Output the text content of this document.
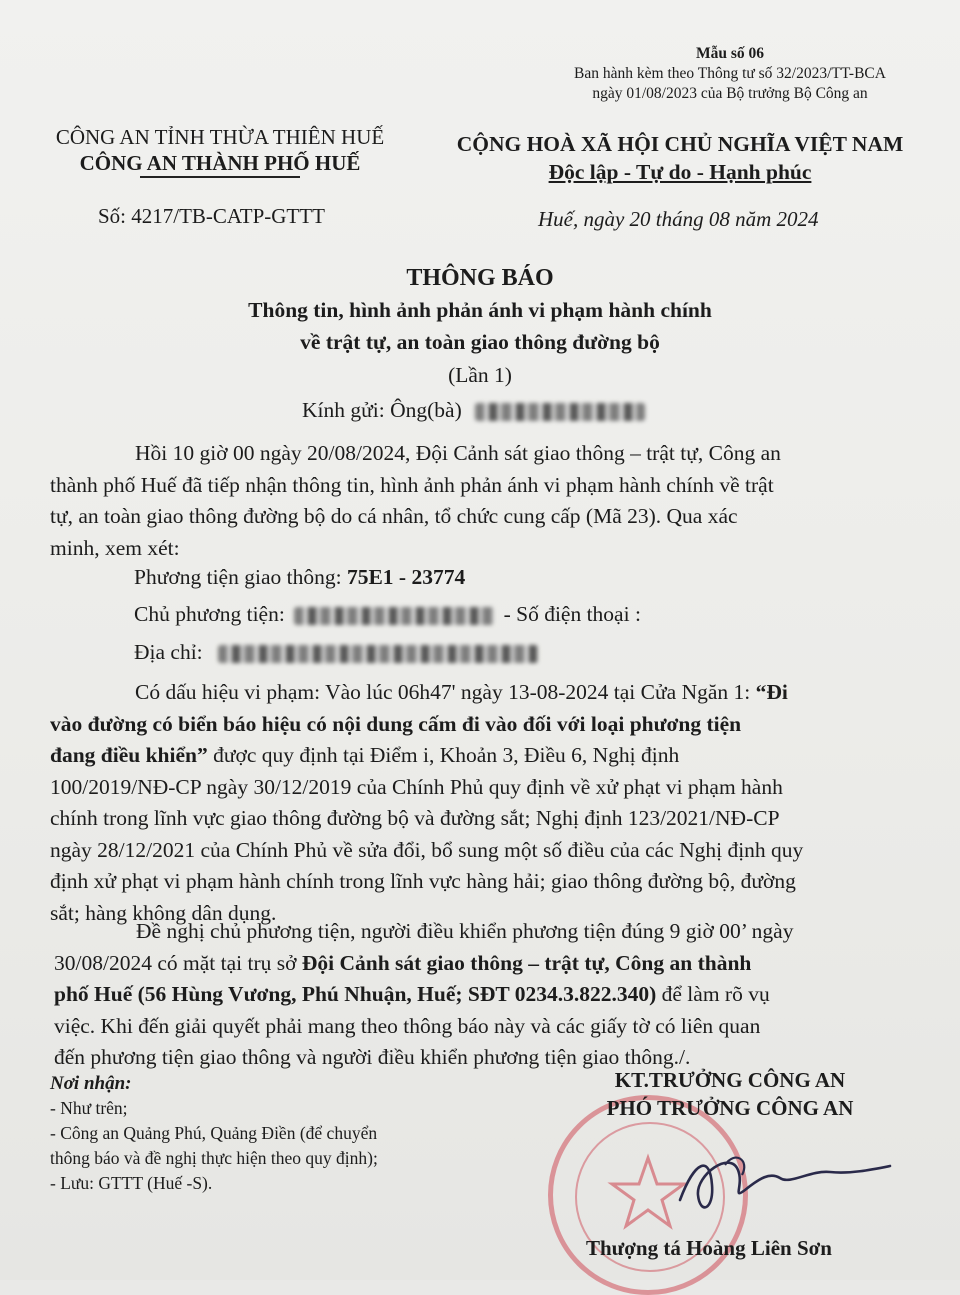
Mẫu số 06
Ban hành kèm theo Thông tư số 32/2023/TT-BCA
ngày 01/08/2023 của Bộ trưởng Bộ Công an
CÔNG AN TỈNH THỪA THIÊN HUẾ
CÔNG AN THÀNH PHỐ HUẾ
Số: 4217/TB-CATP-GTTT
CỘNG HOÀ XÃ HỘI CHỦ NGHĨA VIỆT NAM
Độc lập - Tự do - Hạnh phúc
Huế, ngày 20 tháng 08 năm 2024
THÔNG BÁO
Thông tin, hình ảnh phản ánh vi phạm hành chính
về trật tự, an toàn giao thông đường bộ
(Lần 1)
Kính gửi: Ông(bà)
Hồi 10 giờ 00 ngày 20/08/2024, Đội Cảnh sát giao thông – trật tự, Công an
thành phố Huế đã tiếp nhận thông tin, hình ảnh phản ánh vi phạm hành chính về trật
tự, an toàn giao thông đường bộ do cá nhân, tổ chức cung cấp (Mã 23). Qua xác
minh, xem xét:
Phương tiện giao thông: 75E1 - 23774
Chủ phương tiện:	- Số điện thoại :
Địa chỉ:
Có dấu hiệu vi phạm: Vào lúc 06h47' ngày 13-08-2024 tại Cửa Ngăn 1: “Đi
vào đường có biển báo hiệu có nội dung cấm đi vào đối với loại phương tiện
đang điều khiển” được quy định tại Điểm i, Khoản 3, Điều 6, Nghị định
100/2019/NĐ-CP ngày 30/12/2019 của Chính Phủ quy định về xử phạt vi phạm hành
chính trong lĩnh vực giao thông đường bộ và đường sắt; Nghị định 123/2021/NĐ-CP
ngày 28/12/2021 của Chính Phủ về sửa đổi, bổ sung một số điều của các Nghị định quy
định xử phạt vi phạm hành chính trong lĩnh vực hàng hải; giao thông đường bộ, đường
sắt; hàng không dân dụng.
Đề nghị chủ phương tiện, người điều khiển phương tiện đúng 9 giờ 00’ ngày
30/08/2024 có mặt tại trụ sở Đội Cảnh sát giao thông – trật tự, Công an thành
phố Huế (56 Hùng Vương, Phú Nhuận, Huế; SĐT 0234.3.822.340) để làm rõ vụ
việc. Khi đến giải quyết phải mang theo thông báo này và các giấy tờ có liên quan
đến phương tiện giao thông và người điều khiển phương tiện giao thông./.
Nơi nhận:
- Như trên;
- Công an Quảng Phú, Quảng Điền (để chuyển
thông báo và đề nghị thực hiện theo quy định);
- Lưu: GTTT (Huế -S).
KT.TRƯỞNG CÔNG AN
PHÓ TRƯỞNG CÔNG AN
Thượng tá Hoàng Liên Sơn
